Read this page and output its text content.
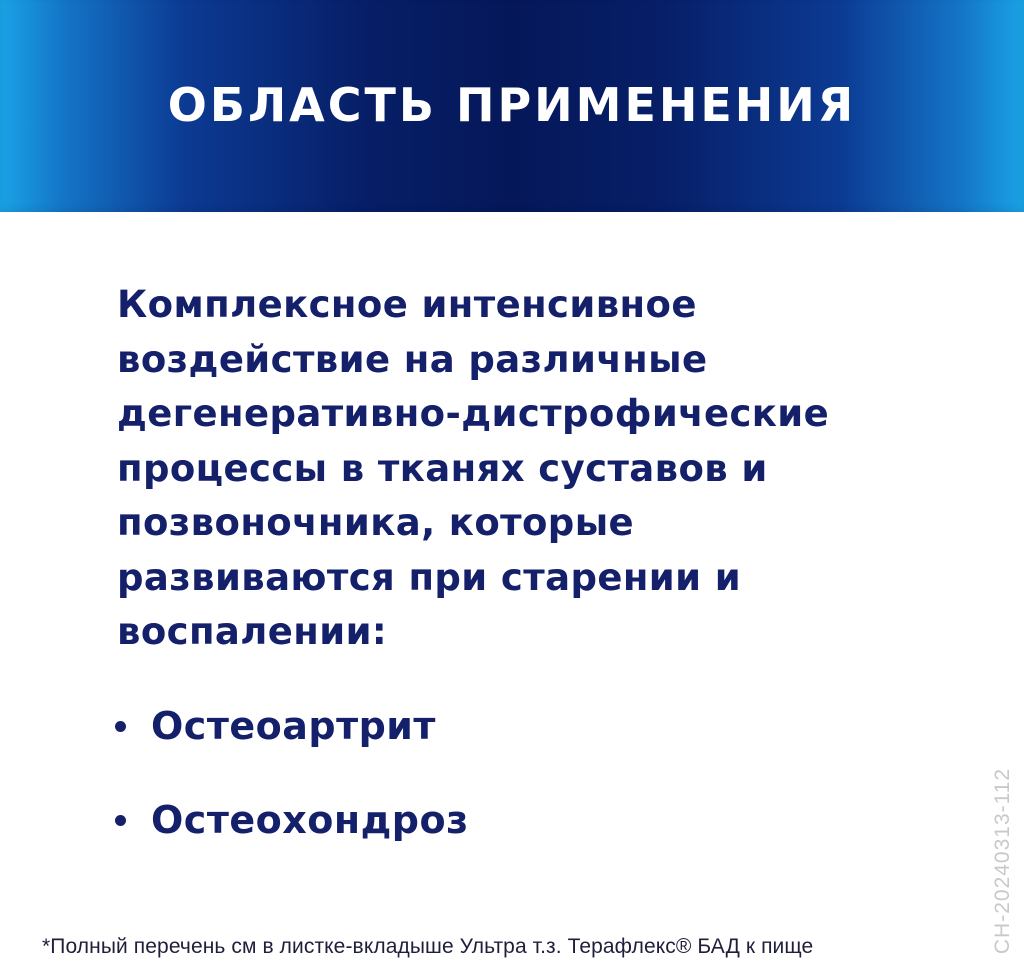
ОБЛАСТЬ ПРИМЕНЕНИЯ
Комплексное интенсивное
воздействие на различные
дегенеративно-дистрофические
процессы в тканях суставов и
позвоночника, которые
развиваются при старении и
воспалении:
Остеоартрит
Остеохондроз

*Полный перечень см в листке-вкладыше Ультра т.з. Терафлекс® БАД к пище	CH-20240313-112
